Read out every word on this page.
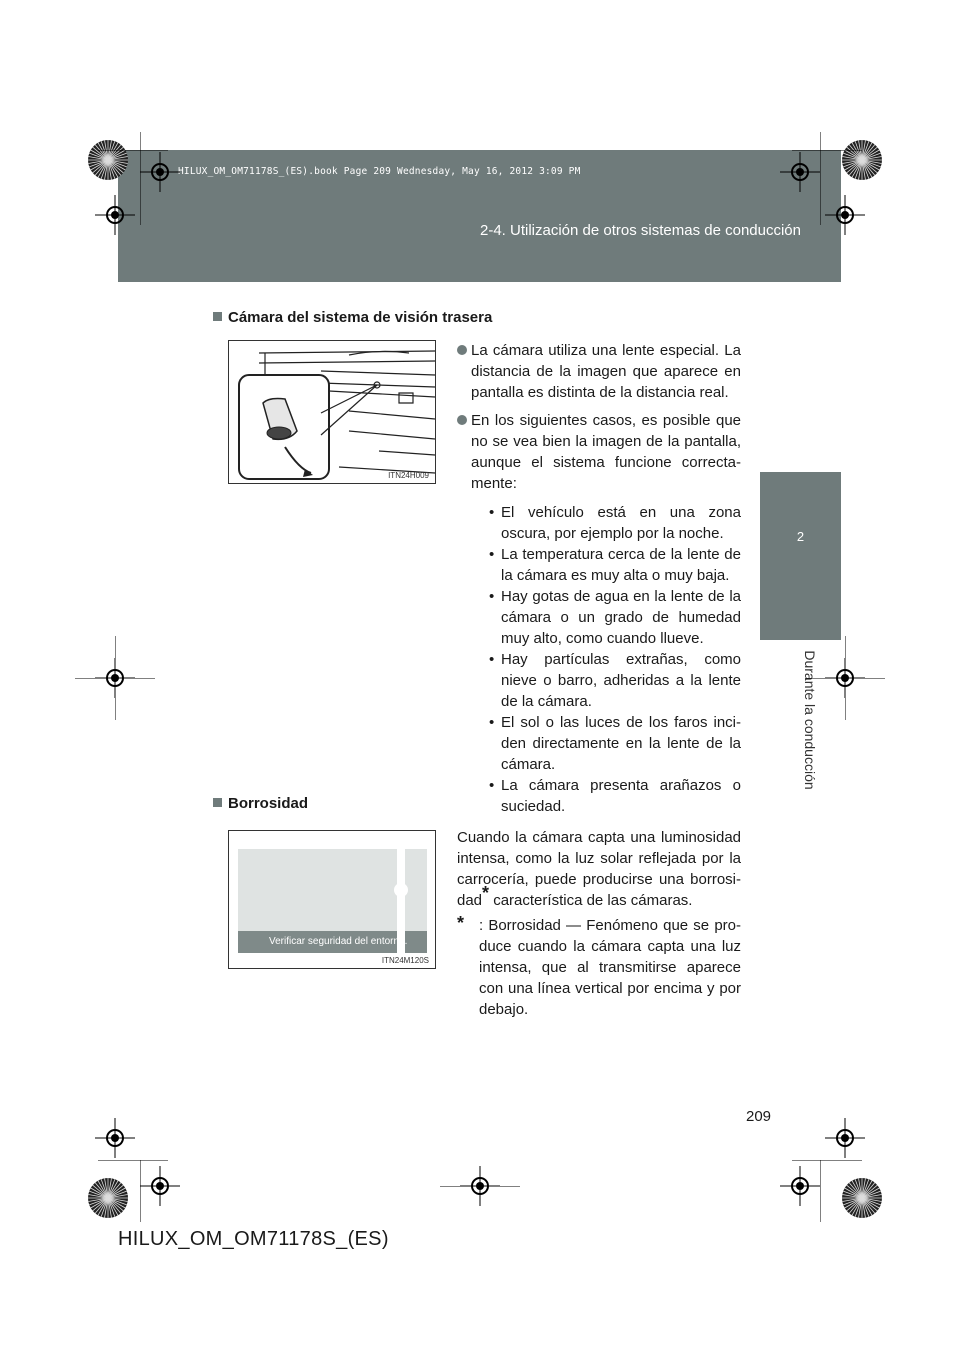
2-4. Utilización de otros sistemas de conducción
HILUX_OM_OM71178S_(ES).book Page 209 Wednesday, May 16, 2012 3:09 PM
2
Durante la conducción
Cámara del sistema de visión trasera
ITN24H009
La cámara utiliza una lente especial. La distancia de la imagen que aparece en pantalla es distinta de la distancia real.
En los siguientes casos, es posible que no se vea bien la imagen de la pantalla, aunque el sistema funcione correcta-mente:
• El vehículo está en una zona oscura, por ejemplo por la noche.
• La temperatura cerca de la lente de la cámara es muy alta o muy baja.
• Hay gotas de agua en la lente de la cámara o un grado de humedad muy alto, como cuando llueve.
• Hay partículas extrañas, como nieve o barro, adheridas a la lente de la cámara.
• El sol o las luces de los faros inci-den directamente en la lente de la cámara.
• La cámara presenta arañazos o suciedad.
Borrosidad
Verificar seguridad del entorno.
ITN24M120S
Cuando la cámara capta una luminosidad intensa, como la luz solar reflejada por la carrocería, puede producirse una borrosi-dad* característica de las cámaras.
* : Borrosidad — Fenómeno que se pro-duce cuando la cámara capta una luz intensa, que al transmitirse aparece con una línea vertical por encima y por debajo.
209
HILUX_OM_OM71178S_(ES)
